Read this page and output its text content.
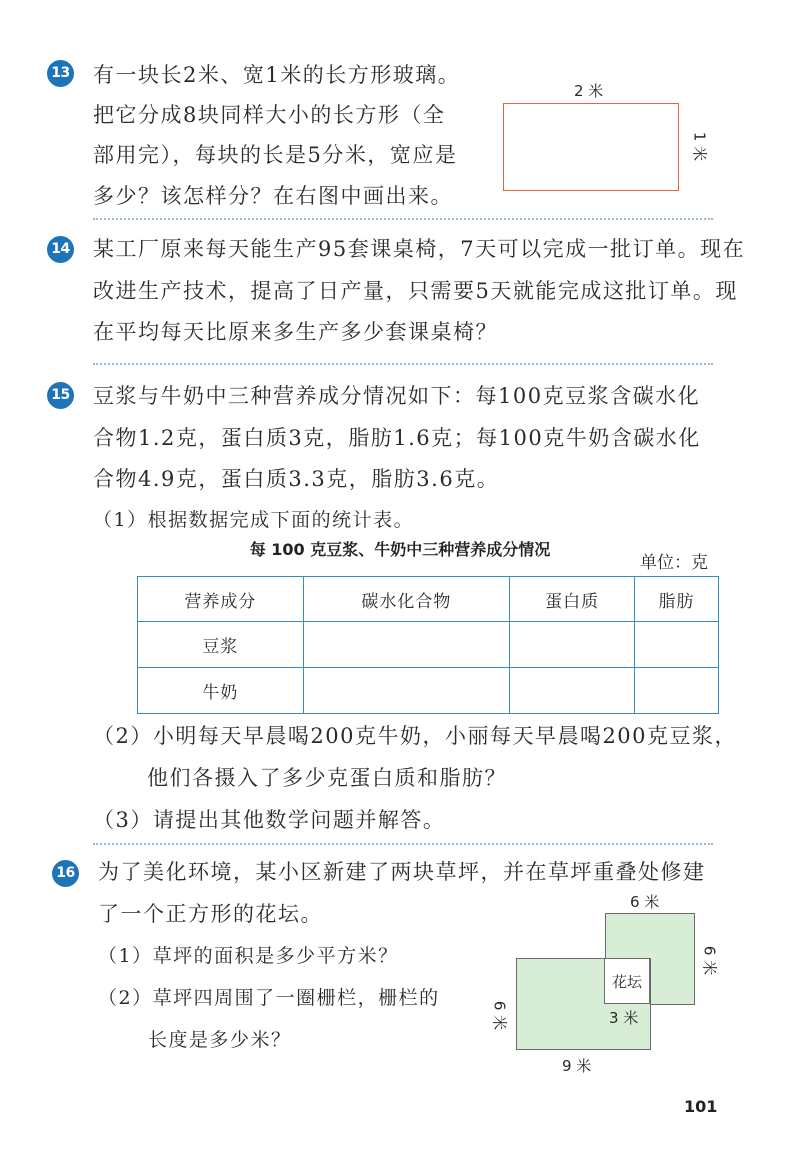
13 有一块长2米、宽1米的长方形玻璃。
把它分成8块同样大小的长方形（全
部用完），每块的长是5分米，宽应是
多少？该怎样分？在右图中画出来。
2 米
1 米
14 某工厂原来每天能生产95套课桌椅，7天可以完成一批订单。现在
改进生产技术，提高了日产量，只需要5天就能完成这批订单。现
在平均每天比原来多生产多少套课桌椅？
15 豆浆与牛奶中三种营养成分情况如下：每100克豆浆含碳水化
合物1.2克，蛋白质3克，脂肪1.6克；每100克牛奶含碳水化
合物4.9克，蛋白质3.3克，脂肪3.6克。
（1）根据数据完成下面的统计表。
每 100 克豆浆、牛奶中三种营养成分情况
单位：克
营养成分	碳水化合物	蛋白质	脂肪
豆浆			
牛奶			
（2）小明每天早晨喝200克牛奶，小丽每天早晨喝200克豆浆，
他们各摄入了多少克蛋白质和脂肪？
（3）请提出其他数学问题并解答。
16 为了美化环境，某小区新建了两块草坪，并在草坪重叠处修建
了一个正方形的花坛。
（1）草坪的面积是多少平方米？
（2）草坪四周围了一圈栅栏，栅栏的
长度是多少米？
花坛
6 米
6 米
6 米	3 米
9 米
101
